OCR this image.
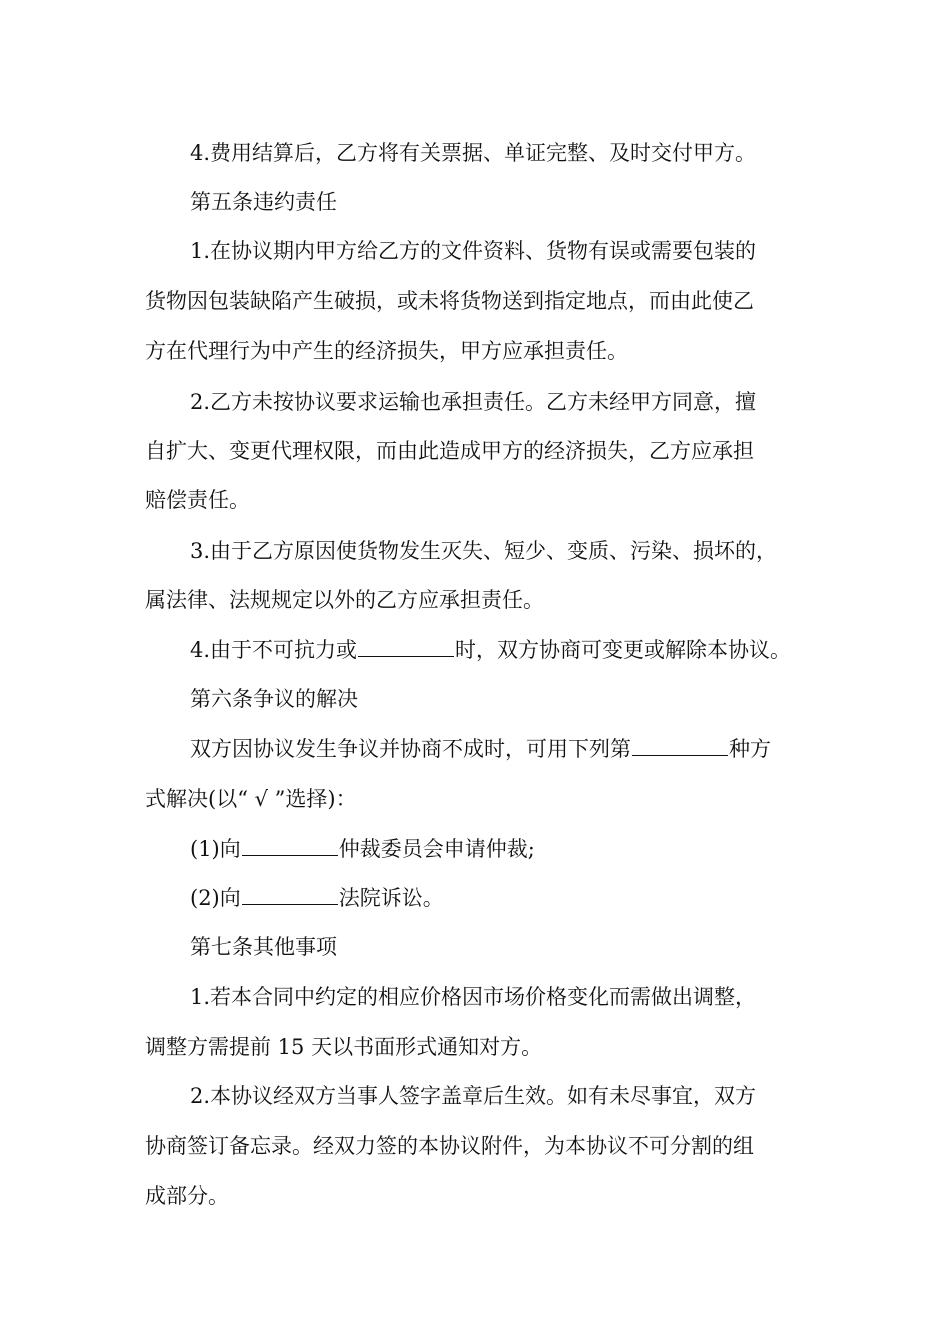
4.费用结算后，乙方将有关票据、单证完整、及时交付甲方。
第五条违约责任
1.在协议期内甲方给乙方的文件资料、货物有误或需要包装的
货物因包装缺陷产生破损，或未将货物送到指定地点，而由此使乙
方在代理行为中产生的经济损失，甲方应承担责任。
2.乙方未按协议要求运输也承担责任。乙方未经甲方同意，擅
自扩大、变更代理权限，而由此造成甲方的经济损失，乙方应承担
赔偿责任。
3.由于乙方原因使货物发生灭失、短少、变质、污染、损坏的，
属法律、法规规定以外的乙方应承担责任。
4.由于不可抗力或	时，双方协商可变更或解除本协议。
第六条争议的解决
双方因协议发生争议并协商不成时，可用下列第	种方
式解决(以“ √ ”选择)：
(1)向	仲裁委员会申请仲裁;
(2)向	法院诉讼。
第七条其他事项
1.若本合同中约定的相应价格因市场价格变化而需做出调整，
调整方需提前 15 天以书面形式通知对方。
2.本协议经双方当事人签字盖章后生效。如有未尽事宜，双方
协商签订备忘录。经双力签的本协议附件，为本协议不可分割的组
成部分。
